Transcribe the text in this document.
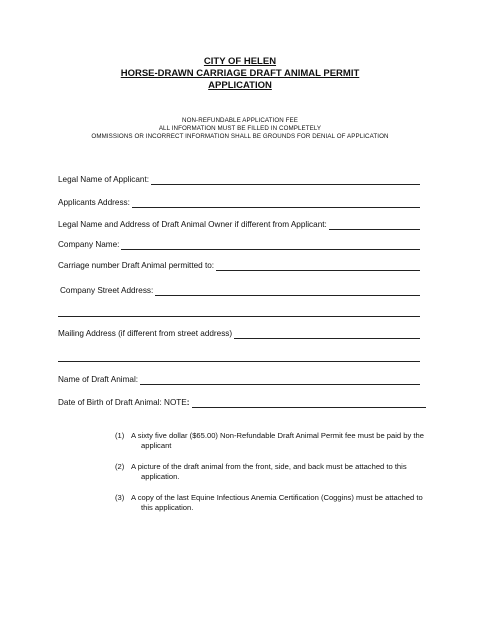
CITY OF HELEN
HORSE-DRAWN CARRIAGE DRAFT ANIMAL PERMIT
APPLICATION
NON-REFUNDABLE APPLICATION FEE
ALL INFORMATION MUST BE FILLED IN COMPLETELY
OMMISSIONS OR INCORRECT INFORMATION SHALL BE GROUNDS FOR DENIAL OF APPLICATION
Legal Name of Applicant:
Applicants Address:
Legal Name and Address of Draft Animal Owner if different from Applicant:
Company Name:
Carriage number Draft Animal permitted to:
Company Street Address:
Mailing Address (if different from street address)
Name of Draft Animal:
Date of Birth of Draft Animal: NOTE:
(1) A sixty five dollar ($65.00) Non-Refundable Draft Animal Permit fee must be paid by the
applicant
(2) A picture of the draft animal from the front, side, and back must be attached to this
application.
(3) A copy of the last Equine Infectious Anemia Certification (Coggins) must be attached to
this application.
